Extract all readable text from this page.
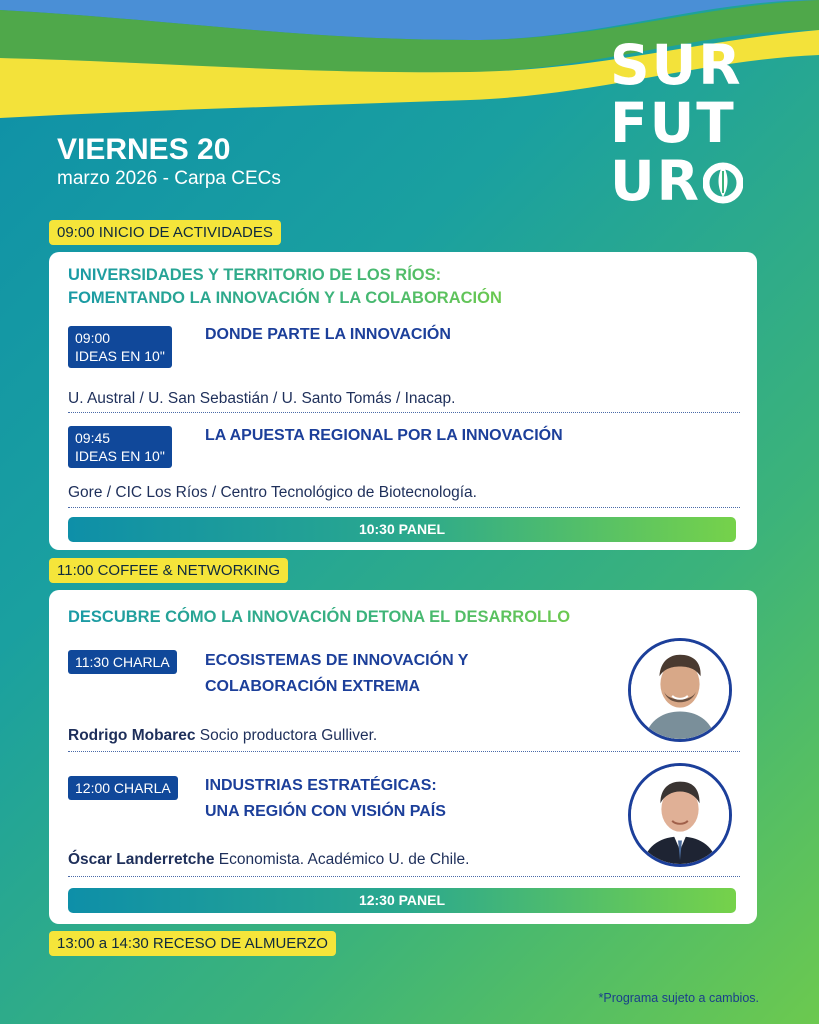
SUR
FUT
UR
VIERNES 20
marzo 2026 - Carpa CECs
09:00 INICIO DE ACTIVIDADES
UNIVERSIDADES Y TERRITORIO DE LOS RÍOS:
FOMENTANDO LA INNOVACIÓN Y LA COLABORACIÓN
09:00
IDEAS EN 10"
DONDE PARTE LA INNOVACIÓN
U. Austral / U. San Sebastián / U. Santo Tomás / Inacap.
09:45
IDEAS EN 10"
LA APUESTA REGIONAL POR LA INNOVACIÓN
Gore / CIC Los Ríos / Centro Tecnológico de Biotecnología.
10:30 PANEL
11:00 COFFEE & NETWORKING
DESCUBRE CÓMO LA INNOVACIÓN DETONA EL DESARROLLO
11:30 CHARLA	ECOSISTEMAS DE INNOVACIÓN Y
COLABORACIÓN EXTREMA
Rodrigo Mobarec Socio productora Gulliver.
12:00 CHARLA	INDUSTRIAS ESTRATÉGICAS:
UNA REGIÓN CON VISIÓN PAÍS
Óscar Landerretche Economista. Académico U. de Chile.
12:30 PANEL
13:00 a 14:30 RECESO DE ALMUERZO
*Programa sujeto a cambios.
